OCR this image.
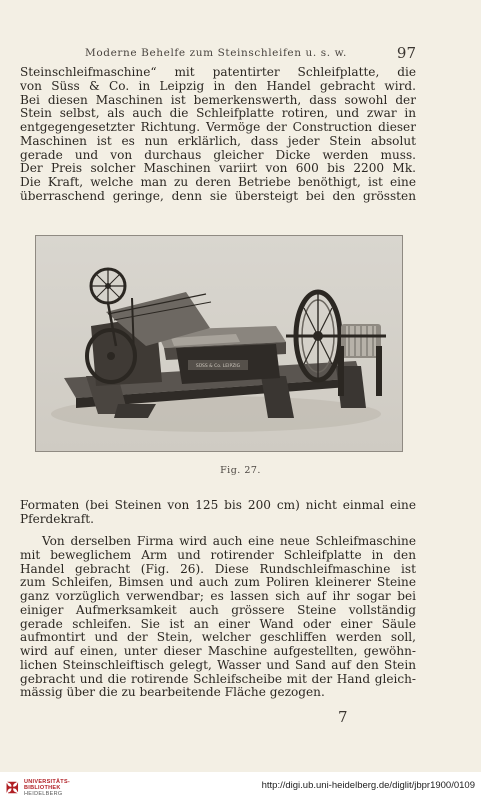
Moderne Behelfe zum Steinschleifen u. s. w.	97
Steinschleifmaschine“ mit patentirter Schleifplatte, die
von Süss & Co. in Leipzig in den Handel gebracht wird.
Bei diesen Maschinen ist bemerkenswerth, dass sowohl der
Stein selbst, als auch die Schleifplatte rotiren, und zwar in
entgegengesetzter Richtung. Vermöge der Construction dieser
Maschinen ist es nun erklärlich, dass jeder Stein absolut
gerade und von durchaus gleicher Dicke werden muss.
Der Preis solcher Maschinen variirt von 600 bis 2200 Mk.
Die Kraft, welche man zu deren Betriebe benöthigt, ist eine
überraschend geringe, denn sie übersteigt bei den grössten
SÜSS & Co. LEIPZIG
Fig. 27.
Formaten (bei Steinen von 125 bis 200 cm) nicht einmal eine
Pferdekraft.
Von derselben Firma wird auch eine neue Schleifmaschine
mit beweglichem Arm und rotirender Schleifplatte in den
Handel gebracht (Fig. 26). Diese Rundschleifmaschine ist
zum Schleifen, Bimsen und auch zum Poliren kleinerer Steine
ganz vorzüglich verwendbar; es lassen sich auf ihr sogar bei
einiger Aufmerksamkeit auch grössere Steine vollständig
gerade schleifen. Sie ist an einer Wand oder einer Säule
aufmontirt und der Stein, welcher geschliffen werden soll,
wird auf einen, unter dieser Maschine aufgestellten, gewöhn-
lichen Steinschleiftisch gelegt, Wasser und Sand auf den Stein
gebracht und die rotirende Schleifscheibe mit der Hand gleich-
mässig über die zu bearbeitende Fläche gezogen.
7
✠ UNIVERSITÄTS-
BIBLIOTHEK
HEIDELBERG
http://digi.ub.uni-heidelberg.de/diglit/jbpr1900/0109
